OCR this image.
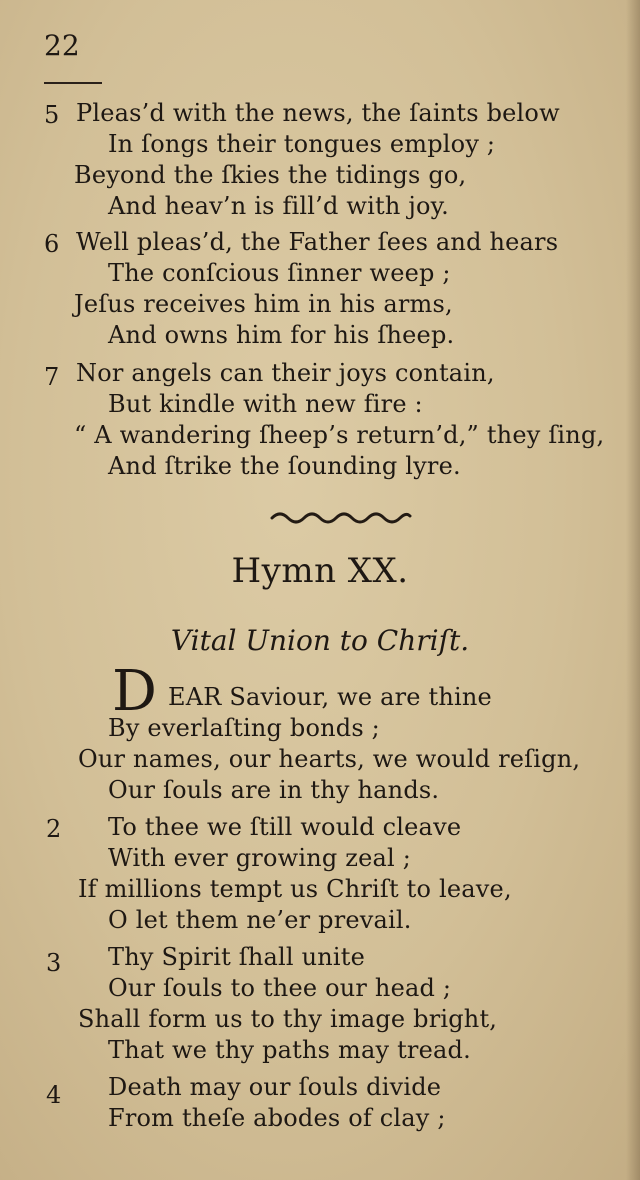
22
5 Pleas’d with the news, the ſaints below
In ſongs their tongues employ ;
Beyond the ſkies the tidings go,
And heav’n is fill’d with joy.
6 Well pleas’d, the Father ſees and hears
The conſcious ſinner weep ;
Jeſus receives him in his arms,
And owns him for his ſheep.
7 Nor angels can their joys contain,
But kindle with new fire :
“ A wandering ſheep’s return’d,” they ſing,
And ſtrike the ſounding lyre.
Hymn XX.
Vital Union to Chriſt.
D EAR Saviour, we are thine
By everlaſting bonds ;
Our names, our hearts, we would reſign,
Our ſouls are in thy hands.
2 To thee we ſtill would cleave
With ever growing zeal ;
If millions tempt us Chriſt to leave,
O let them ne’er prevail.
3 Thy Spirit ſhall unite
Our ſouls to thee our head ;
Shall form us to thy image bright,
That we thy paths may tread.
4 Death may our ſouls divide
From theſe abodes of clay ;
